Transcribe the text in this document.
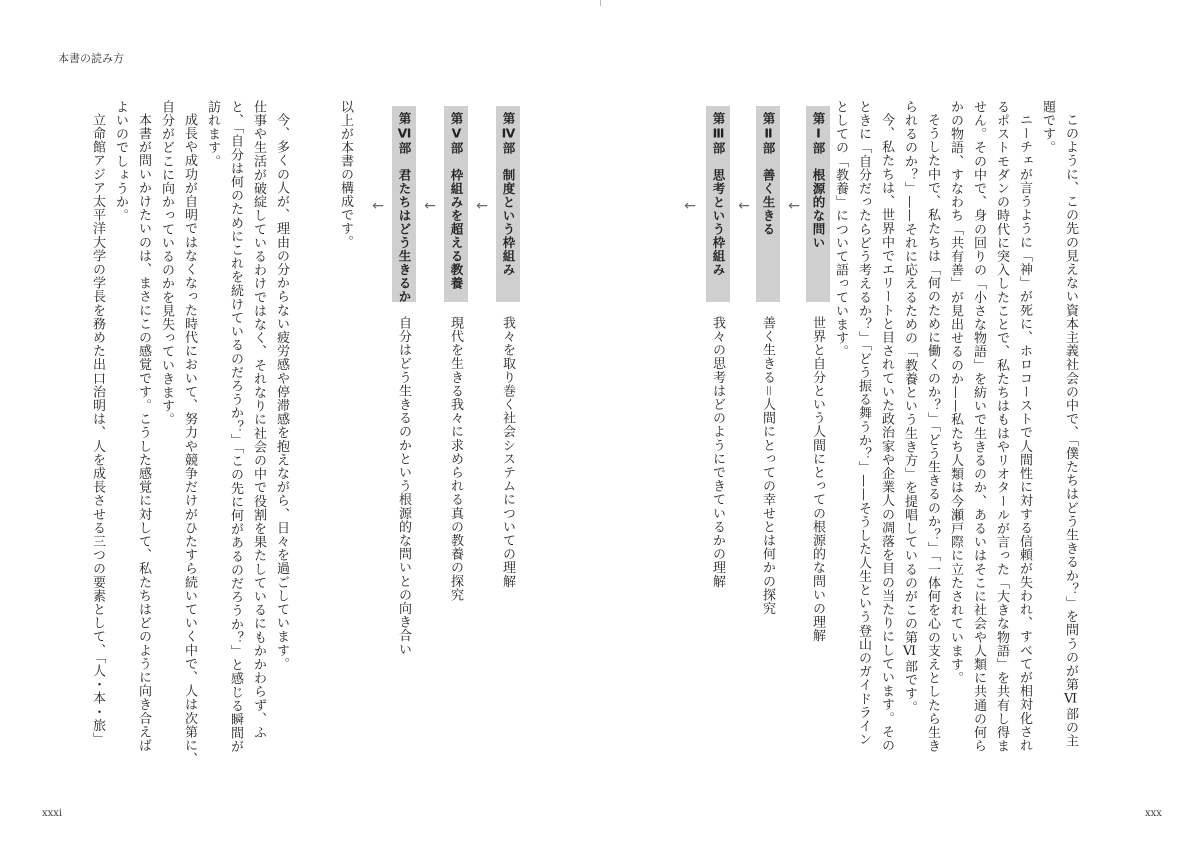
本書の読み方
このように、この先の見えない資本主義社会の中で、「僕たちはどう生きるか？」を問うのが第Ⅵ部の主
題です。
ニーチェが言うように「神」が死に、ホロコーストで人間性に対する信頼が失われ、すべてが相対化され
るポストモダンの時代に突入したことで、私たちはもはやリオタールが言った「大きな物語」を共有し得ま
せん。その中で、身の回りの「小さな物語」を紡いで生きるのか、あるいはそこに社会や人類に共通の何ら
かの物語、すなわち「共有善」が見出せるのか——私たち人類は今瀬戸際に立たされています。
そうした中で、私たちは「何のために働くのか？」「どう生きるのか？」「一体何を心の支えとしたら生き
られるのか？」——それに応えるための「教養という生き方」を提唱しているのがこの第Ⅵ部です。
今、私たちは、世界中でエリートと目されていた政治家や企業人の凋落を目の当たりにしています。その
ときに「自分だったらどう考えるか？」「どう振る舞うか？」——そうした人生という登山のガイドライン
としての「教養」について語っています。
第Ⅰ部　根源的な問い
世界と自分という人間にとっての根源的な問いの理解
第Ⅱ部　善く生きる
善く生きる＝人間にとっての幸せとは何かの探究
←
第Ⅲ部　思考という枠組み
我々の思考はどのようにできているかの理解
←
第Ⅳ部　制度という枠組み
我々を取り巻く社会システムについての理解
第Ⅴ部　枠組みを超える教養
現代を生きる我々に求められる真の教養の探究
←
第Ⅵ部　君たちはどう生きるか
自分はどう生きるのかという根源的な問いとの向き合い
←	←
←
以上が本書の構成です。
今、多くの人が、理由の分からない疲労感や停滞感を抱えながら、日々を過ごしています。
仕事や生活が破綻しているわけではなく、それなりに社会の中で役割を果たしているにもかかわらず、ふ
と、「自分は何のためにこれを続けているのだろうか？」「この先に何があるのだろうか？」と感じる瞬間が
訪れます。
成長や成功が自明ではなくなった時代において、努力や競争だけがひたすら続いていく中で、人は次第に、
自分がどこに向かっているのかを見失っていきます。
本書が問いかけたいのは、まさにこの感覚です。こうした感覚に対して、私たちはどのように向き合えば
よいのでしょうか。
立命館アジア太平洋大学の学長を務めた出口治明は、人を成長させる三つの要素として、「人・本・旅」
xxxi	xxx
